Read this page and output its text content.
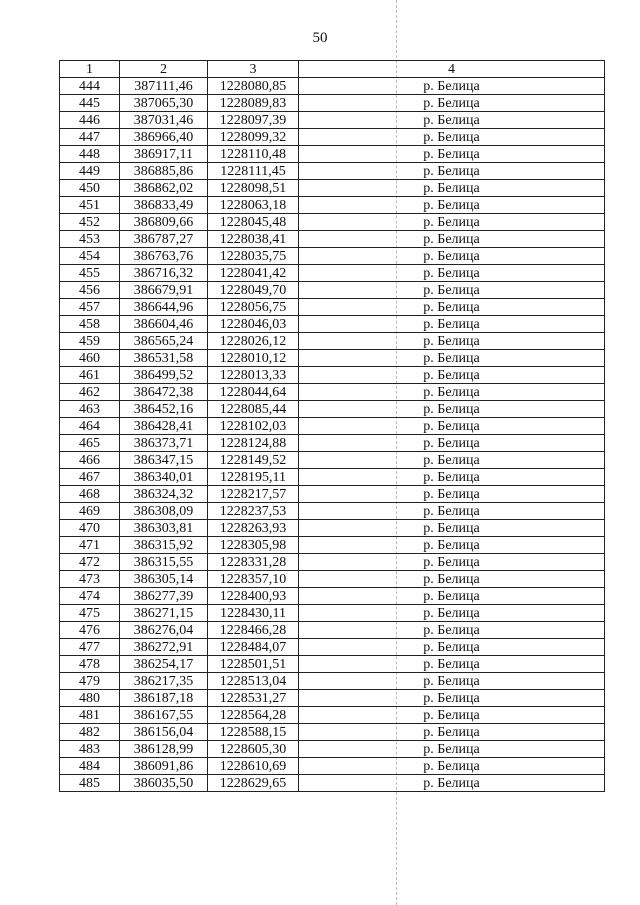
50
1	2	3	4
444	387111,46	1228080,85	р. Белица
445	387065,30	1228089,83	р. Белица
446	387031,46	1228097,39	р. Белица
447	386966,40	1228099,32	р. Белица
448	386917,11	1228110,48	р. Белица
449	386885,86	1228111,45	р. Белица
450	386862,02	1228098,51	р. Белица
451	386833,49	1228063,18	р. Белица
452	386809,66	1228045,48	р. Белица
453	386787,27	1228038,41	р. Белица
454	386763,76	1228035,75	р. Белица
455	386716,32	1228041,42	р. Белица
456	386679,91	1228049,70	р. Белица
457	386644,96	1228056,75	р. Белица
458	386604,46	1228046,03	р. Белица
459	386565,24	1228026,12	р. Белица
460	386531,58	1228010,12	р. Белица
461	386499,52	1228013,33	р. Белица
462	386472,38	1228044,64	р. Белица
463	386452,16	1228085,44	р. Белица
464	386428,41	1228102,03	р. Белица
465	386373,71	1228124,88	р. Белица
466	386347,15	1228149,52	р. Белица
467	386340,01	1228195,11	р. Белица
468	386324,32	1228217,57	р. Белица
469	386308,09	1228237,53	р. Белица
470	386303,81	1228263,93	р. Белица
471	386315,92	1228305,98	р. Белица
472	386315,55	1228331,28	р. Белица
473	386305,14	1228357,10	р. Белица
474	386277,39	1228400,93	р. Белица
475	386271,15	1228430,11	р. Белица
476	386276,04	1228466,28	р. Белица
477	386272,91	1228484,07	р. Белица
478	386254,17	1228501,51	р. Белица
479	386217,35	1228513,04	р. Белица
480	386187,18	1228531,27	р. Белица
481	386167,55	1228564,28	р. Белица
482	386156,04	1228588,15	р. Белица
483	386128,99	1228605,30	р. Белица
484	386091,86	1228610,69	р. Белица
485	386035,50	1228629,65	р. Белица
